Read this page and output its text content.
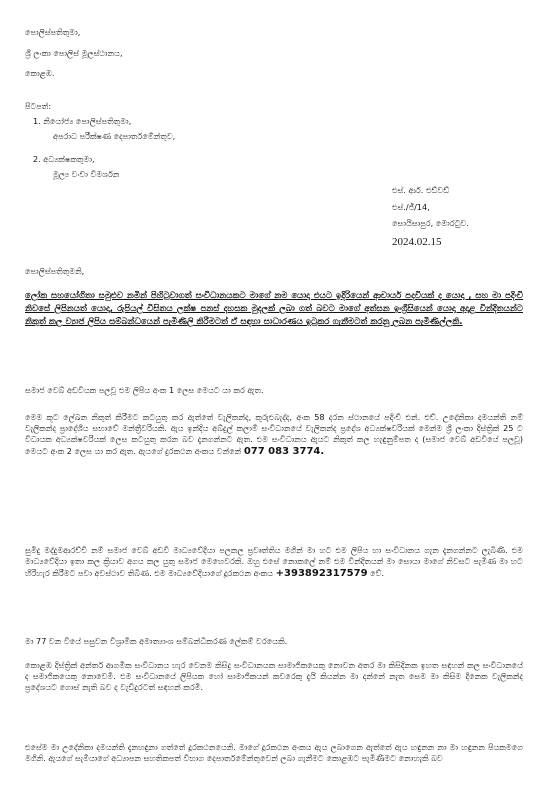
පොලිස්පතිතුමා,
ශ්‍රී ලංකා පොලිස් මූලස්ථානය,
කොළඹ.
පිටපත්:
1. නියෝජ්‍ය පොලිස්පතිතුමා,
අපරාධ පරීක්ෂණ දෙපාර්තමේන්තුව,
2. අධ්‍යක්ෂකතුමා,
මූල්‍ය වංචා විමර්ශන
එස්. ආර්. එඩ්වඩ්
එස්./ජී/14,
සොයිසාපුර, මොරටුව.
2024.02.15
පොලිස්පතිතුමනි,
ලෝක සහයෝගිතා සමුළුව නමින් පිහිටුවාගත් සංවිධානයකට මාගේ නම යොදා එයට ඉදිරියෙන් ආචාර්ය පදවියක් ද යොදා , සහ මා පදිංචි නිවසේ ලිපිනයත් යොදා, රුපියල් විසිතය ලක්ෂ පනස් දහසක මුදලක් ලබා ගත් බවට මාගේ අත්සන ඉංග්‍රීසියෙන් යොදා අදාළ වින්දිතයන්ට නිකුත් කල ව්‍යාජ ලිපිය සම්බන්ධයෙන් පැමිණිලි කිරීමටත් ඒ සඳහා සාධාරණය ඉටුකර ගැනීමටත් කරනු ලබන පැමිණිල්ලකි.
සමාජ වෙබ් අඩවියක පලවූ එම ලිපිය අංක 1 ලෙස මෙයට යා කර ඇත.
මෙම කූට ලේඛන නිකුත් කිරීමට කටයුතු කර ඇත්තේ වැලිකන්ද, කුරුළුබැද්ද, අංක 58 දරන ස්ථානයේ පදිංචි එන්. එච්. උදේනිකා දමයන්ති නම් වැලිකන්ද ප්‍රාදේශීය සභාවේ මන්ත්‍රීවරියකි. ඇය ඉන්දිය අබ්දුල් කලාම් සංවිධානයේ වැලිකන්ද ප්‍රදේශ අධ්‍යක්ෂවරියක් මෙන්ම ශ්‍රී ලංකා දිස්ත්‍රික් 25 ට විධායක අධ්‍යක්ෂවරියක් ලෙස කටයුතු කරන බව දැනගන්නට ඇත. එම සංවිධානය ඇයට නිකුත් කල හැඳුනුම්පත ද (සමාජ වෙබ් අඩවියේ පලවූ) මෙයට අංක 2 ලෙස යා කර ඇත. ඇයගේ දුරකථන අංකය වන්නේ 077 083 3774.
සුමිදු මද්දුමආරච්චි නම් සමාජ වෙබ් අඩවි මාධ්‍යවේදියා පලකල ප්‍රවෘත්තිය මගින් මා හට එම ලිපිය හා සංවිධානය ගැන දැනගන්නට ලැබිණි. එම මාධ්‍යවේදියා ඉතා කල ක්‍රියාව අගය කල යුතු සමාජ මෙහෙවරකි. ඔහු එසේ නොකලේ නම් එම වින්දිතයන් මා සොයා මාගේ නිවසට පැමිණ මා හට හිරිහැර කිරීමට පවා අවස්ථාව තිබිණ. එම මාධ්‍යවේදියාගේ දූරකථන අංකය +393892317579 වේ.
මා 77 වන වියේ පසුවන විශ්‍රාමික අමාත්‍යාංශ සම්බන්ධීකරණ ලේකම් වරයෙකි.
කොළඹ දිස්ත්‍රික් අන්තර් ආගමික සංවිධානය හැර වෙනම කිසිදු සංවිධානයක සාමාජිකයෙකු නොවන අතර මා කිසිදිනක ඉහත සඳහන් කල සංවිධානයේ ද සමාජිකයෙකු නොවෙමි. එම සංවිධානයේ ලිපියක හෝ සාමාජිකයන් කවරෙකු දැයි කියන්න මා දන්නේ නැත සෙම මා කිසිම දිනෙක වැලිකන්ද ප්‍රදේශයට ගොස් නැති බව ද වැඩිදුරටත් සඳහන් කරමි.
එසේම මා උදේනිකා දමයන්ති දැනහඳුනා ගත්තේ දූරකථනයෙනි. මාගේ දූරකථන අංකය ඇය ලබාගෙන ඇත්තේ ඇය හඳුනන නා මා හඳුනන පියකමගෙ මගිනි. ඇයගේ සැමියාගේ අධ්‍යාපන සහතිකපත් විභාග දෙපාර්තමේන්තුවෙන් ලබා ගැනීමට කොළඹට පැමිණීමට නොහැකි බව
